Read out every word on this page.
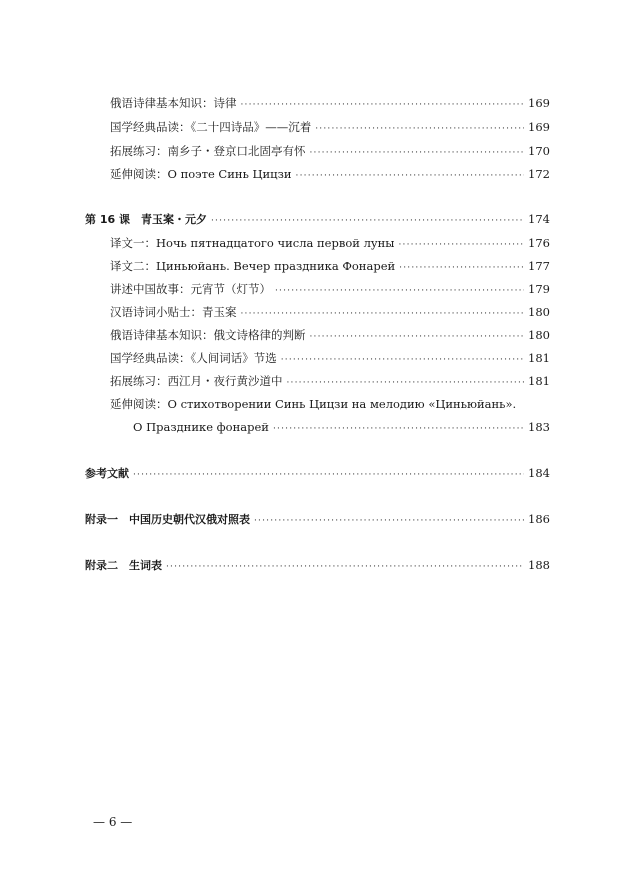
俄语诗律基本知识：诗律 ·····	169
国学经典品读：《二十四诗品》——沉着 ·····	169
拓展练习：南乡子・登京口北固亭有怀 ·····	170
延伸阅读：О поэте Синь Цицзи ·····	172
第 16 课　青玉案・元夕 ·····	174
译文一：Ночь пятнадцатого числа первой луны ·····	176
译文二：Циньюйань. Вечер праздника Фонарей ·····	177
讲述中国故事：元宵节（灯节） ·····	179
汉语诗词小贴士：青玉案 ·····	180
俄语诗律基本知识：俄文诗格律的判断 ·····	180
国学经典品读：《人间词话》节选 ·····	181
拓展练习：西江月・夜行黄沙道中 ·····	181
延伸阅读：О стихотворении Синь Цицзи на мелодию «Циньюйань».
О Празднике фонарей ·····	183
参考文献 ·····	184
附录一　中国历史朝代汉俄对照表 ·····	186
附录二　生词表 ·····	188
— 6 —
